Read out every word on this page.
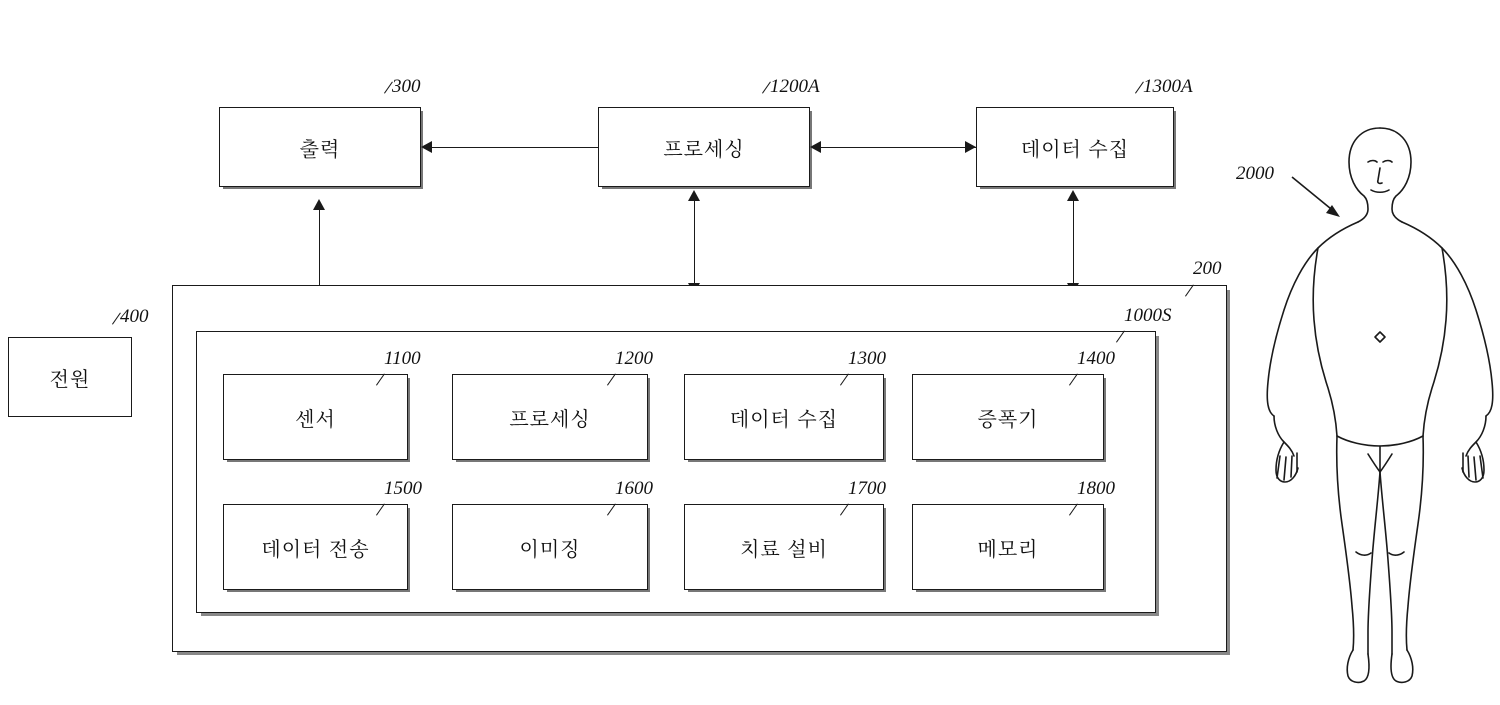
출력
300
프로세싱
1200A
데이터 수집
1300A
전원
400
200
1000S
센서
1100
프로세싱
1200
데이터 수집
1300
증폭기
1400
데이터 전송
1500
이미징
1600
치료 설비
1700
메모리
1800
2000
